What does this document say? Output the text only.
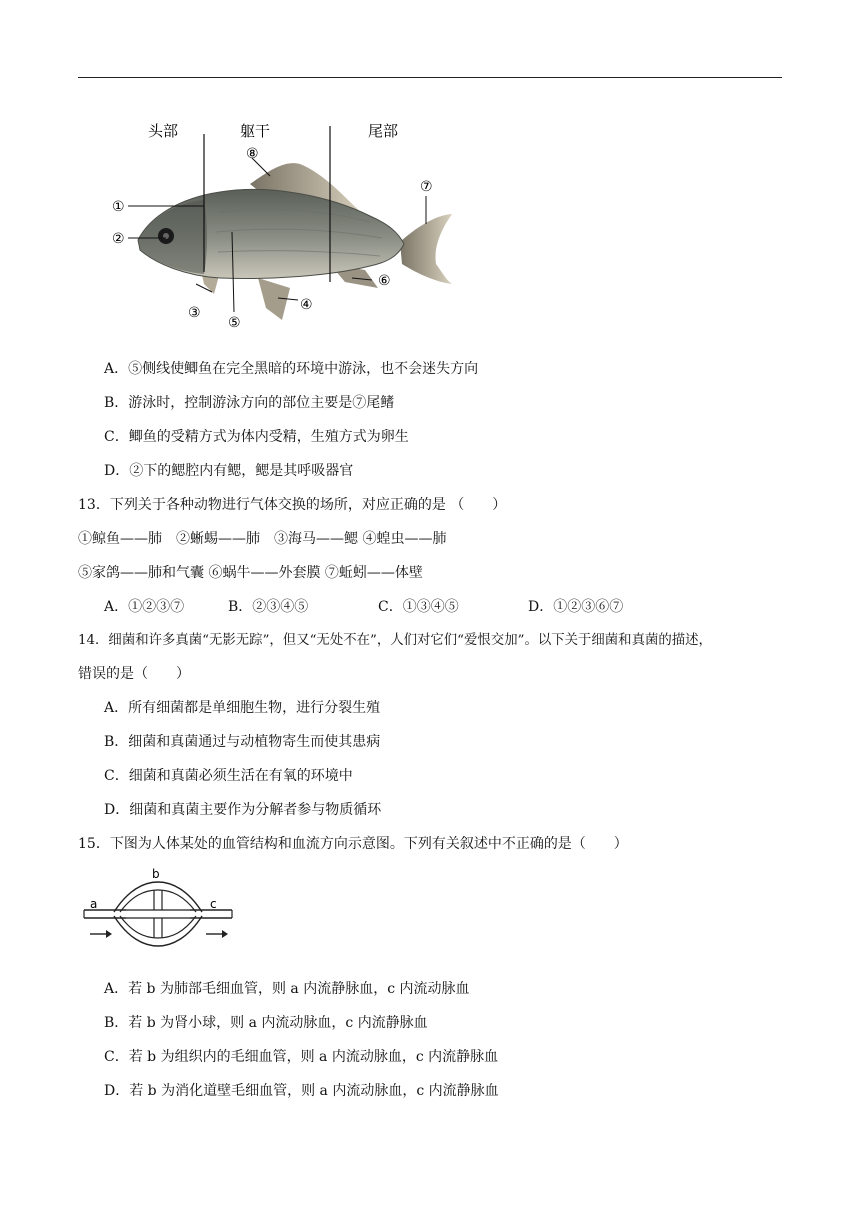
头部	躯干	尾部
①
②
③	④
⑤
⑥
⑦
⑧
A．⑤侧线使鲫鱼在完全黑暗的环境中游泳，也不会迷失方向
B．游泳时，控制游泳方向的部位主要是⑦尾鳍
C．鲫鱼的受精方式为体内受精，生殖方式为卵生
D．②下的鳃腔内有鳃，鳃是其呼吸器官
13．下列关于各种动物进行气体交换的场所，对应正确的是 （　　）
①鲸鱼——肺　②蜥蜴——肺　③海马——鳃 ④蝗虫——肺
⑤家鸽——肺和气囊 ⑥蜗牛——外套膜 ⑦蚯蚓——体壁
A．①②③⑦	B．②③④⑤	C．①③④⑤	D．①②③⑥⑦
14．细菌和许多真菌“无影无踪”，但又“无处不在”，人们对它们“爱恨交加”。以下关于细菌和真菌的描述，
错误的是（　　）
A．所有细菌都是单细胞生物，进行分裂生殖
B．细菌和真菌通过与动植物寄生而使其患病
C．细菌和真菌必须生活在有氧的环境中
D．细菌和真菌主要作为分解者参与物质循环
15．下图为人体某处的血管结构和血流方向示意图。下列有关叙述中不正确的是（　　）
a
b
c
A．若 b 为肺部毛细血管，则 a 内流静脉血，c 内流动脉血
B．若 b 为肾小球，则 a 内流动脉血，c 内流静脉血
C．若 b 为组织内的毛细血管，则 a 内流动脉血，c 内流静脉血
D．若 b 为消化道壁毛细血管，则 a 内流动脉血，c 内流静脉血
